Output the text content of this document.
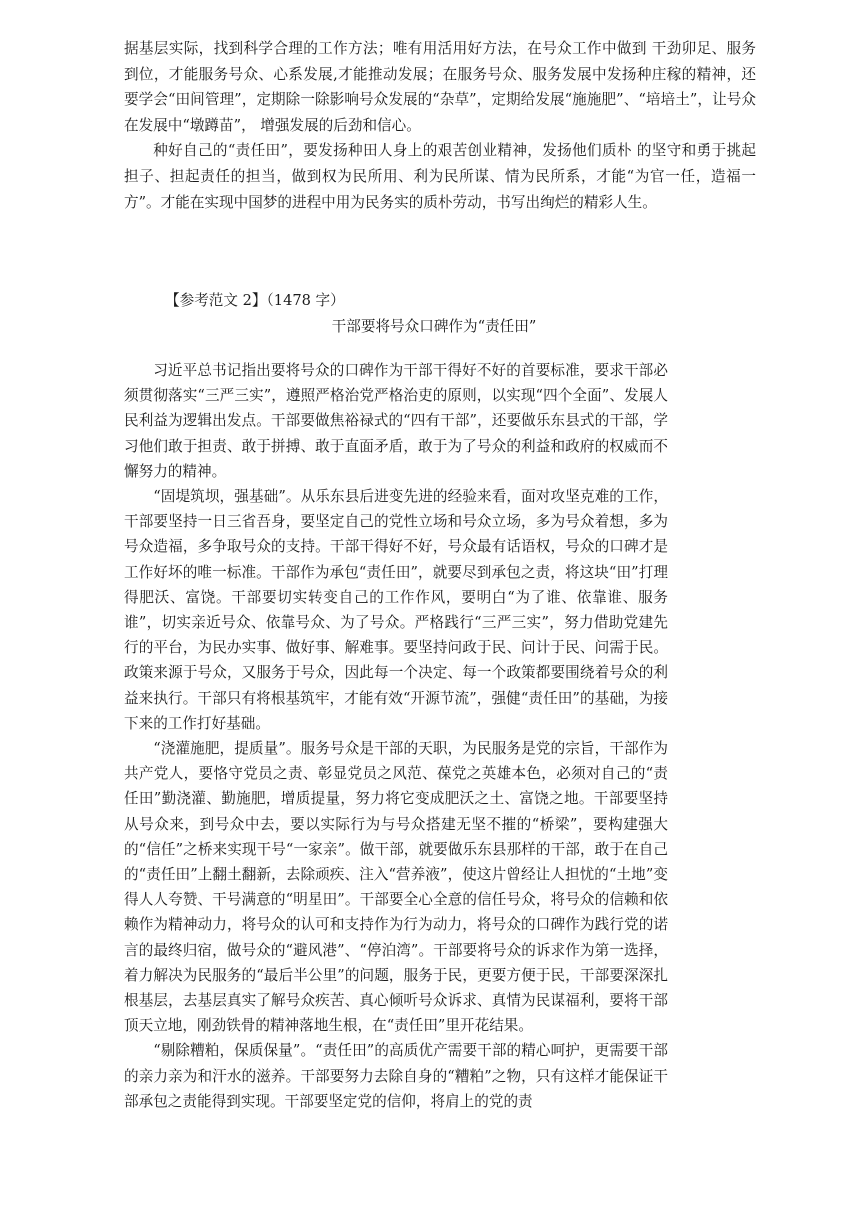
据基层实际，找到科学合理的工作方法；唯有用活用好方法，在号众工作中做到 干劲卯足、服务到位，才能服务号众、心系发展,才能推动发展；在服务号众、服务发展中发扬种庄稼的精神，还要学会“田间管理”，定期除一除影响号众发展的“杂草”，定期给发展“施施肥”、“培培土”，让号众在发展中“墩蹲苗”， 增强发展的后劲和信心。

种好自己的“责任田”，要发扬种田人身上的艰苦创业精神，发扬他们质朴 的坚守和勇于挑起担子、担起责任的担当，做到权为民所用、利为民所谋、情为民所系，才能“为官一任，造福一方”。才能在实现中国梦的进程中用为民务实的质朴劳动，书写出绚烂的精彩人生。

【参考范文 2】（1478 字）
干部要将号众口碑作为“责任田”

习近平总书记指出要将号众的口碑作为干部干得好不好的首要标准，要求干部必须贯彻落实“三严三实”，遵照严格治党严格治吏的原则，以实现“四个全面”、发展人民利益为逻辑出发点。干部要做焦裕禄式的“四有干部”，还要做乐东县式的干部，学习他们敢于担责、敢于拼搏、敢于直面矛盾，敢于为了号众的利益和政府的权威而不懈努力的精神。

“固堤筑坝，强基础”。从乐东县后进变先进的经验来看，面对攻坚克难的工作，干部要坚持一日三省吾身，要坚定自己的党性立场和号众立场，多为号众着想，多为号众造福，多争取号众的支持。干部干得好不好，号众最有话语权，号众的口碑才是工作好坏的唯一标准。干部作为承包“责任田”，就要尽到承包之责，将这块“田”打理得肥沃、富饶。干部要切实转变自己的工作作风，要明白“为了谁、依靠谁、服务谁”，切实亲近号众、依靠号众、为了号众。严格践行“三严三实”，努力借助党建先行的平台，为民办实事、做好事、解难事。要坚持问政于民、问计于民、问需于民。政策来源于号众，又服务于号众，因此每一个决定、每一个政策都要围绕着号众的利益来执行。干部只有将根基筑牢，才能有效“开源节流”，强健“责任田”的基础，为接下来的工作打好基础。

“浇灌施肥，提质量”。服务号众是干部的天职，为民服务是党的宗旨，干部作为共产党人，要恪守党员之责、彰显党员之风范、葆党之英雄本色，必须对自己的“责任田”勤浇灌、勤施肥，增质提量，努力将它变成肥沃之土、富饶之地。干部要坚持从号众来，到号众中去，要以实际行为与号众搭建无坚不摧的“桥梁”，要构建强大的“信任”之桥来实现干号“一家亲”。做干部，就要做乐东县那样的干部，敢于在自己的“责任田”上翻土翻新，去除顽疾、注入“营养液”，使这片曾经让人担忧的“土地”变得人人夸赞、干号满意的“明星田”。干部要全心全意的信任号众，将号众的信赖和依赖作为精神动力，将号众的认可和支持作为行为动力，将号众的口碑作为践行党的诺言的最终归宿，做号众的“避风港”、“停泊湾”。干部要将号众的诉求作为第一选择，着力解决为民服务的“最后半公里”的问题，服务于民，更要方便于民，干部要深深扎根基层，去基层真实了解号众疾苦、真心倾听号众诉求、真情为民谋福利，要将干部顶天立地，刚劲铁骨的精神落地生根，在“责任田”里开花结果。

“剔除糟粕，保质保量”。“责任田”的高质优产需要干部的精心呵护，更需要干部的亲力亲为和汗水的滋养。干部要努力去除自身的“糟粕”之物，只有这样才能保证干部承包之责能得到实现。干部要坚定党的信仰，将肩上的党的责
